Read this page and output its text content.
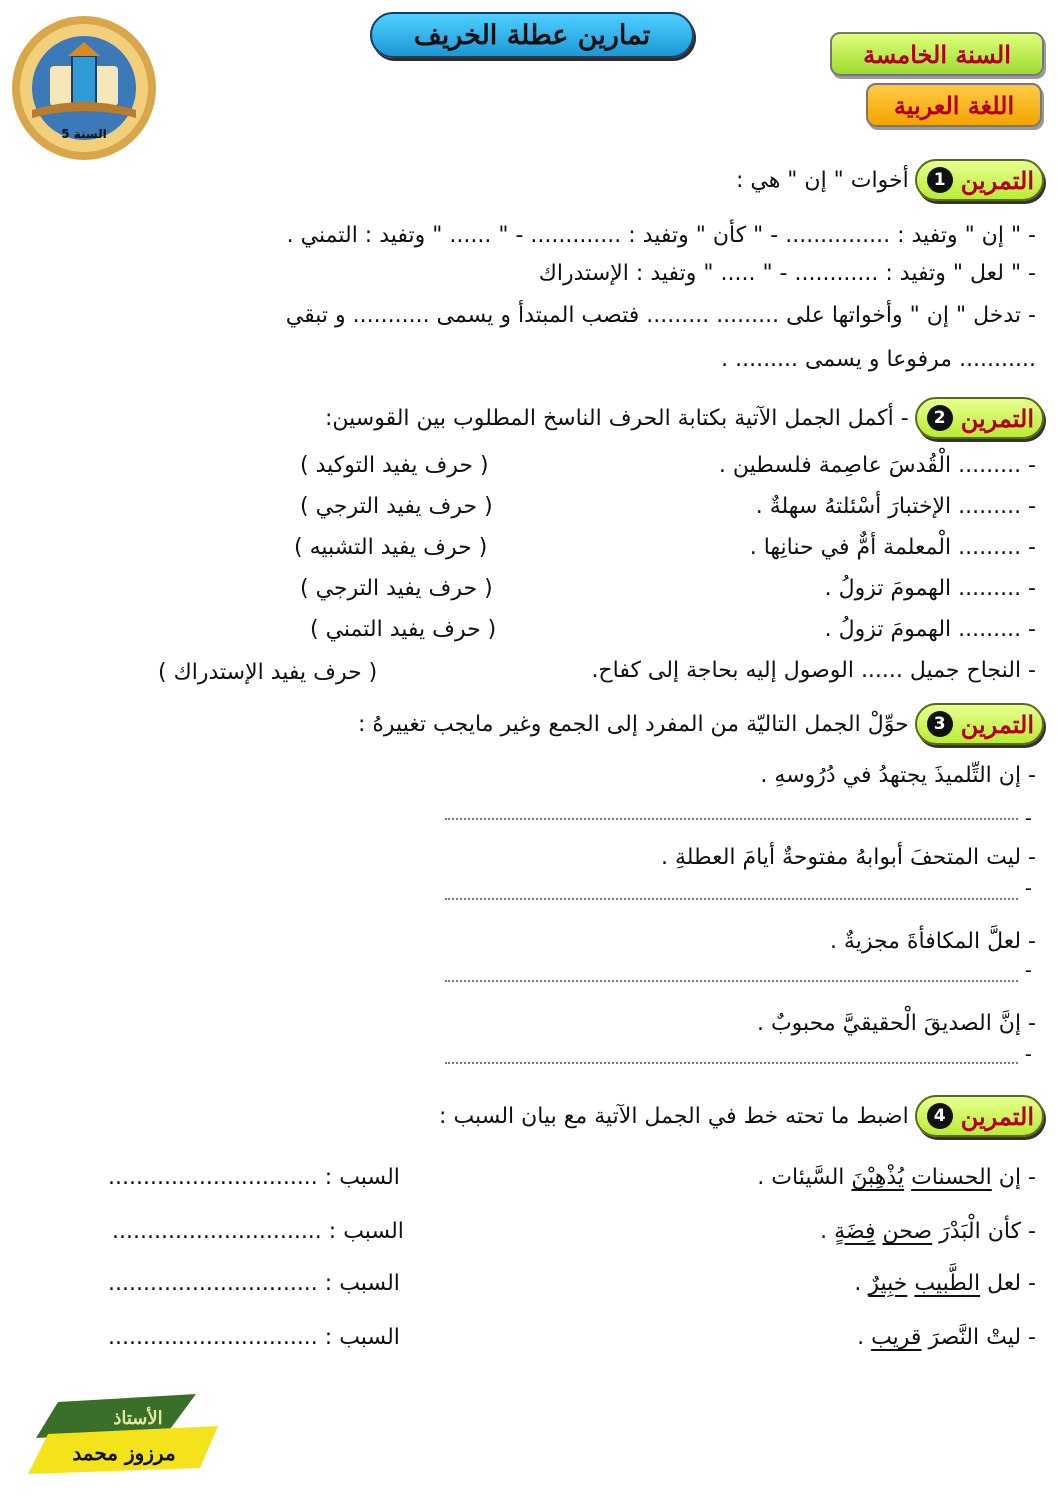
تمارين عطلة الخريف
السنة الخامسة
اللغة العربية
السنة 5
التمرين
1
أخوات " إن " هي :
- " إن " وتفيد : ............... - " كأن " وتفيد : ............. - " ...... " وتفيد : التمني .
- " لعل " وتفيد : ............ - " ..... " وتفيد : الإستدراك
- تدخل " إن " وأخواتها على ......... ......... فتصب المبتدأ و يسمى ........... و تبقي
........... مرفوعا و يسمى ......... .
التمرين
2
- أكمل الجمل الآتية بكتابة الحرف الناسخ المطلوب بين القوسين:
- ......... الْقُدسَ عاصِمة فلسطين .
( حرف يفيد التوكيد )
- ......... الإختبارَ أسْئلتهُ سهلةٌ .
( حرف يفيد الترجي )
- ......... الْمعلمة أمٌّ في حنانِها .
( حرف يفيد التشبيه )
- ......... الهمومَ تزولُ .
( حرف يفيد الترجي )
- ......... الهمومَ تزولُ .
( حرف يفيد التمني )
- النجاح جميل ...... الوصول إليه بحاجة إلى كفاح.
( حرف يفيد الإستدراك )
التمرين
3
حوِّلْ الجمل التاليّة من المفرد إلى الجمع وغير مايجب تغييرهُ :
- إن التِّلميذَ يجتهدُ في دُرُوسهِ .
-
- ليت المتحفَ أبوابهُ مفتوحةٌ أيامَ العطلةِ .
-
- لعلَّ المكافأةَ مجزيةٌ .
-
- إنَّ الصديقَ الْحقيقيَّ محبوبٌ .
-
التمرين
4
اضبط ما تحته خط في الجمل الآتية مع بيان السبب :
- إن الحسنات يُذْهِبْنَ السَّيئات .
السبب : ..............................
- كأن الْبَدْرَ صحن فِضَةٍ .
السبب : ..............................
- لعل الطَّبيب خبِيرٌ .
السبب : ..............................
- ليتْ النَّصرَ قريب .
السبب : ..............................
الأستاذ
مرزوز محمد
